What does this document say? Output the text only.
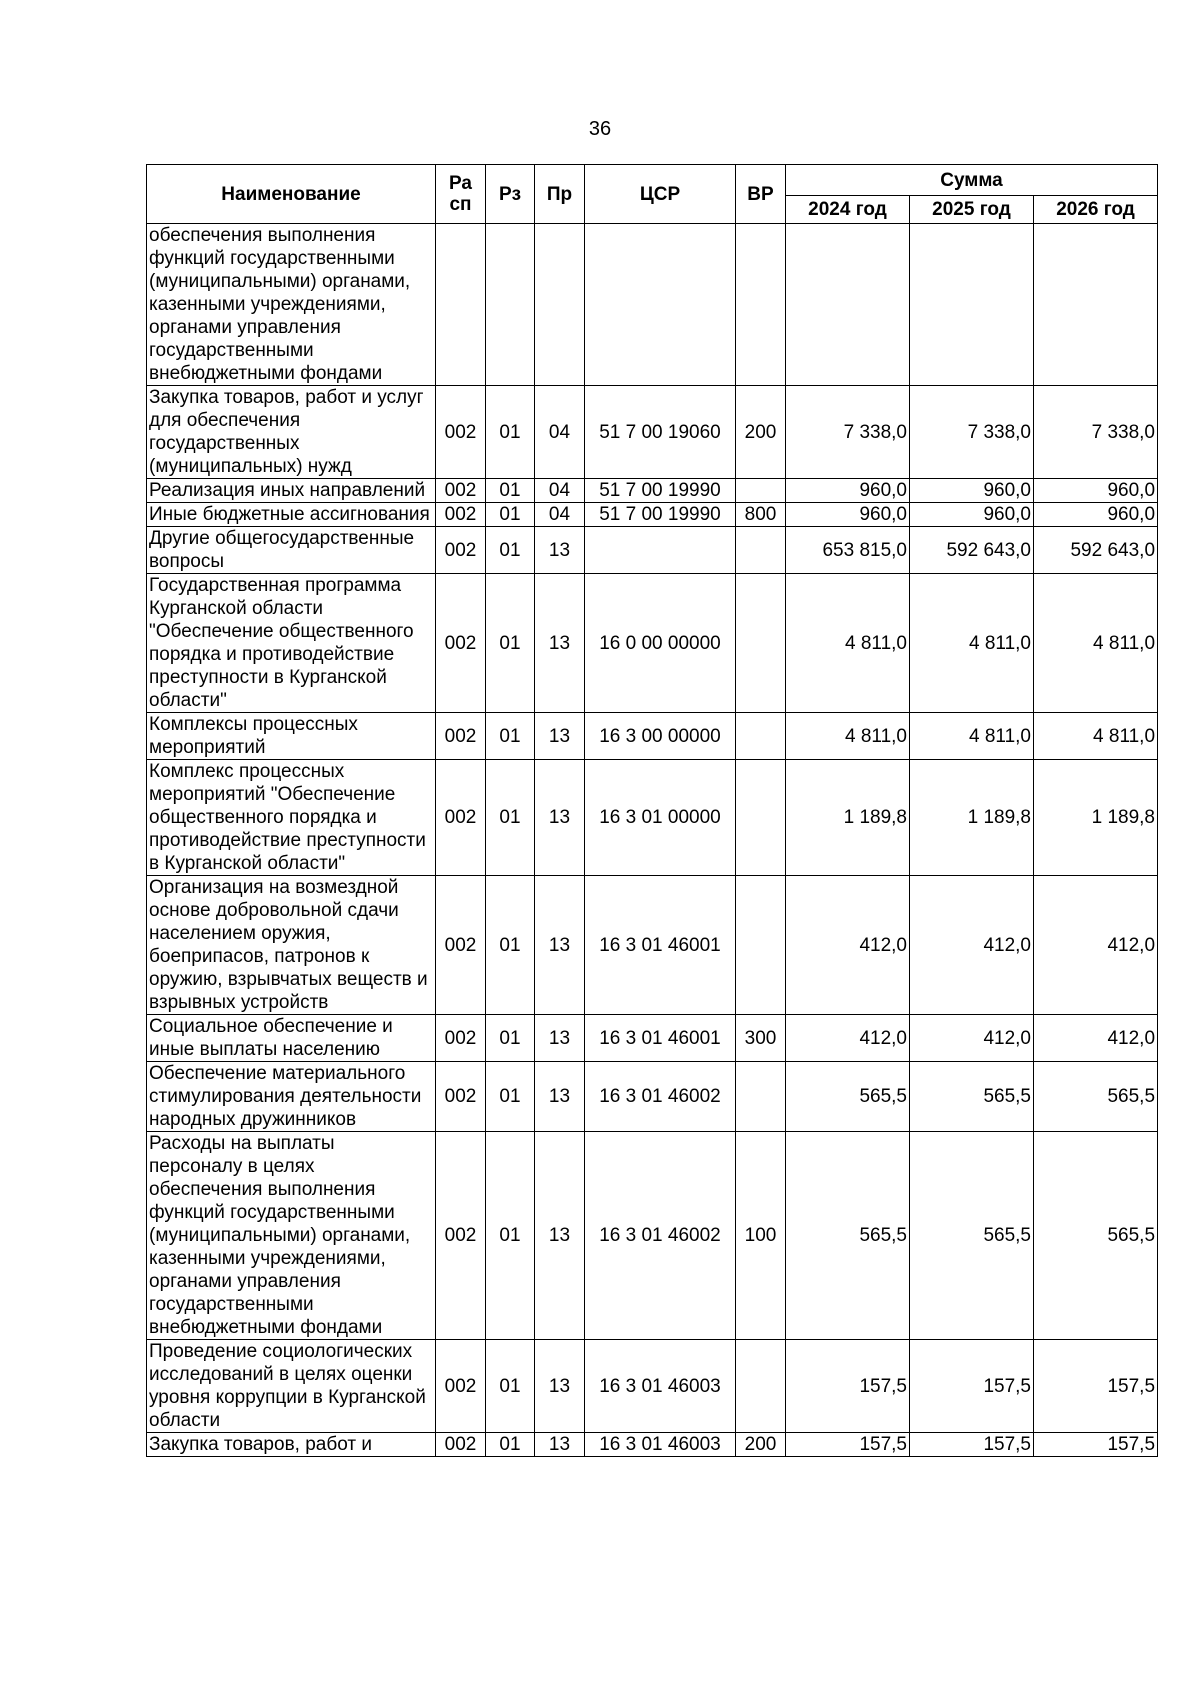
36
Наименование	Ра сп	Рз	Пр	ЦСР	ВР	Сумма		
						2024 год	2025 год	2026 год
обеспечения выполнения функций государственными (муниципальными) органами, казенными учреждениями, органами управления государственными внебюджетными фондами								
Закупка товаров, работ и услуг для обеспечения государственных (муниципальных) нужд	002	01	04	51 7 00 19060	200	7 338,0	7 338,0	7 338,0
Реализация иных направлений	002	01	04	51 7 00 19990		960,0	960,0	960,0
Иные бюджетные ассигнования	002	01	04	51 7 00 19990	800	960,0	960,0	960,0
Другие общегосударственные вопросы	002	01	13			653 815,0	592 643,0	592 643,0
Государственная программа Курганской области "Обеспечение общественного порядка и противодействие преступности в Курганской области"	002	01	13	16 0 00 00000		4 811,0	4 811,0	4 811,0
Комплексы процессных мероприятий	002	01	13	16 3 00 00000		4 811,0	4 811,0	4 811,0
Комплекс процессных мероприятий "Обеспечение общественного порядка и противодействие преступности в Курганской области"	002	01	13	16 3 01 00000		1 189,8	1 189,8	1 189,8
Организация на возмездной основе добровольной сдачи населением оружия, боеприпасов, патронов к оружию, взрывчатых веществ и взрывных устройств	002	01	13	16 3 01 46001		412,0	412,0	412,0
Социальное обеспечение и иные выплаты населению	002	01	13	16 3 01 46001	300	412,0	412,0	412,0
Обеспечение материального стимулирования деятельности народных дружинников	002	01	13	16 3 01 46002		565,5	565,5	565,5
Расходы на выплаты персоналу в целях обеспечения выполнения функций государственными (муниципальными) органами, казенными учреждениями, органами управления государственными внебюджетными фондами	002	01	13	16 3 01 46002	100	565,5	565,5	565,5
Проведение социологических исследований в целях оценки уровня коррупции в Курганской области	002	01	13	16 3 01 46003		157,5	157,5	157,5
Закупка товаров, работ и	002	01	13	16 3 01 46003	200	157,5	157,5	157,5
